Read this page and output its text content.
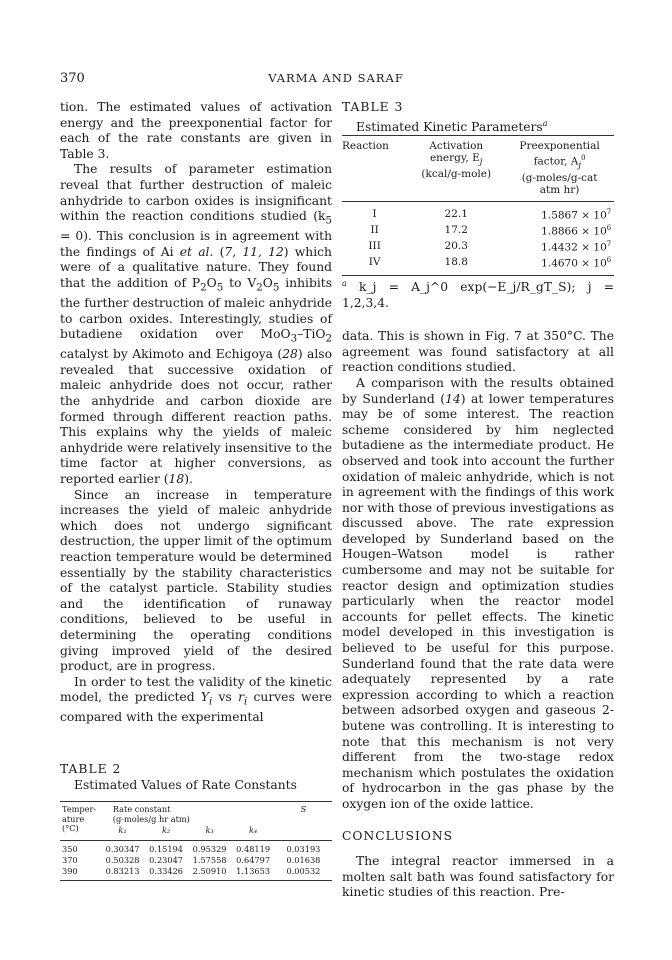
370	VARMA AND SARAF

tion. The estimated values of activation energy and the preexponential factor for each of the rate constants are given in Table 3.

The results of parameter estimation reveal that further destruction of maleic anhydride to carbon oxides is insignificant within the reaction conditions studied $(k_5 = 0)$. This conclusion is in agreement with the findings of Ai et al. (7, 11, 12) which were of a qualitative nature. They found that the addition of $P_2O_5$ to $V_2O_5$ inhibits the further destruction of maleic anhydride to carbon oxides. Interestingly, studies of butadiene oxidation over MoO$_3$–TiO$_2$ catalyst by Akimoto and Echigoya (28) also revealed that successive oxidation of maleic anhydride does not occur, rather the anhydride and carbon dioxide are formed through different reaction paths. This explains why the yields of maleic anhydride were relatively insensitive to the time factor at higher conversions, as reported earlier (18).

Since an increase in temperature increases the yield of maleic anhydride which does not undergo significant destruction, the upper limit of the optimum reaction temperature would be determined essentially by the stability characteristics of the catalyst particle. Stability studies and the identification of runaway conditions, believed to be useful in determining the operating conditions giving improved yield of the desired product, are in progress.

In order to test the validity of the kinetic model, the predicted $Y_i$ vs $r_i$ curves were compared with the experimental

TABLE 2

Estimated Values of Rate Constants

Temper-
ature
(°C)	Rate constant
(g-moles/g hr atm)				S
	k₁	k₂	k₃	k₄	
350	0.30347	0.15194	0.95329	0.48119	0.03193
370	0.50328	0.23047	1.57558	0.64797	0.01638
390	0.83213	0.33426	2.50910	1.13653	0.00532

TABLE 3

Estimated Kinetic Parameters$^a$

Reaction	Activation
energy, $E_j$
(kcal/g-mole)	Preexponential
factor, $A_j^0$
(g-moles/g-cat
atm hr)
I	22.1	$1.5867 \times 10^7$
II	17.2	$1.8866 \times 10^6$
III	20.3	$1.4432 \times 10^7$
IV	18.8	$1.4670 \times 10^6$

$^a$ k_j = A_j^0 exp(−E_j/R_gT_S); j = 1,2,3,4.

data. This is shown in Fig. 7 at 350°C. The agreement was found satisfactory at all reaction conditions studied.

A comparison with the results obtained by Sunderland (14) at lower temperatures may be of some interest. The reaction scheme considered by him neglected butadiene as the intermediate product. He observed and took into account the further oxidation of maleic anhydride, which is not in agreement with the findings of this work nor with those of previous investigations as discussed above. The rate expression developed by Sunderland based on the Hougen–Watson model is rather cumbersome and may not be suitable for reactor design and optimization studies particularly when the reactor model accounts for pellet effects. The kinetic model developed in this investigation is believed to be useful for this purpose. Sunderland found that the rate data were adequately represented by a rate expression according to which a reaction between adsorbed oxygen and gaseous 2-butene was controlling. It is interesting to note that this mechanism is not very different from the two-stage redox mechanism which postulates the oxidation of hydrocarbon in the gas phase by the oxygen ion of the oxide lattice.

CONCLUSIONS

The integral reactor immersed in a molten salt bath was found satisfactory for kinetic studies of this reaction. Pre-
